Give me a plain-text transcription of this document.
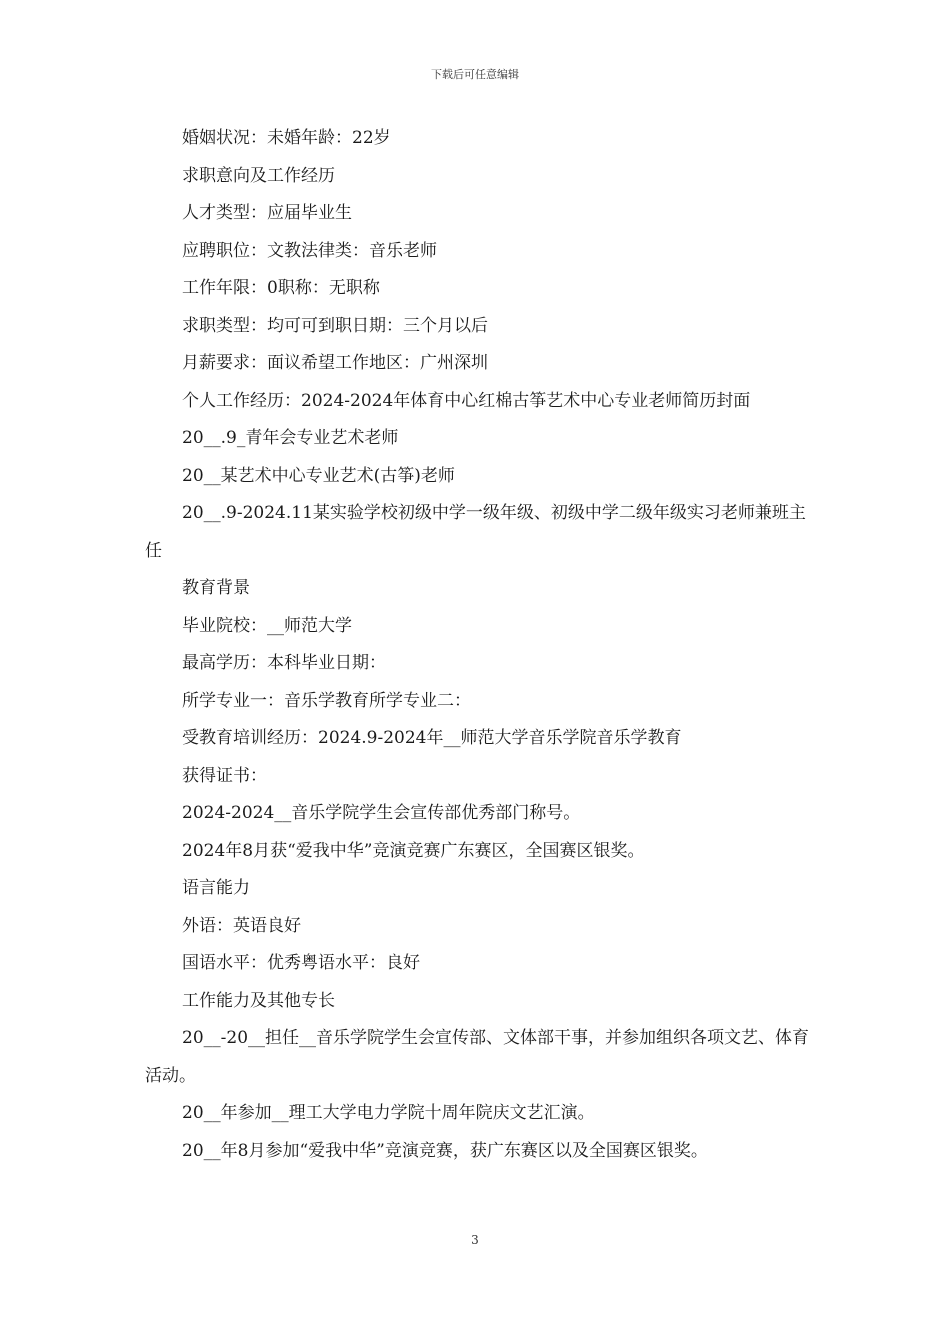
下载后可任意编辑

婚姻状况：未婚年龄：22岁

求职意向及工作经历

人才类型：应届毕业生

应聘职位：文教法律类：音乐老师

工作年限：0职称：无职称

求职类型：均可可到职日期：三个月以后

月薪要求：面议希望工作地区：广州深圳

个人工作经历：2024-2024年体育中心红棉古筝艺术中心专业老师简历封面

20__.9_青年会专业艺术老师

20__某艺术中心专业艺术(古筝)老师

20__.9-2024.11某实验学校初级中学一级年级、初级中学二级年级实习老师兼班主任

教育背景

毕业院校：__师范大学

最高学历：本科毕业日期：

所学专业一：音乐学教育所学专业二：

受教育培训经历：2024.9-2024年__师范大学音乐学院音乐学教育

获得证书：

2024-2024__音乐学院学生会宣传部优秀部门称号。

2024年8月获“爱我中华”竞演竞赛广东赛区，全国赛区银奖。

语言能力

外语：英语良好

国语水平：优秀粤语水平：良好

工作能力及其他专长

20__-20__担任__音乐学院学生会宣传部、文体部干事，并参加组织各项文艺、体育活动。

20__年参加__理工大学电力学院十周年院庆文艺汇演。

20__年8月参加“爱我中华”竞演竞赛，获广东赛区以及全国赛区银奖。

3
